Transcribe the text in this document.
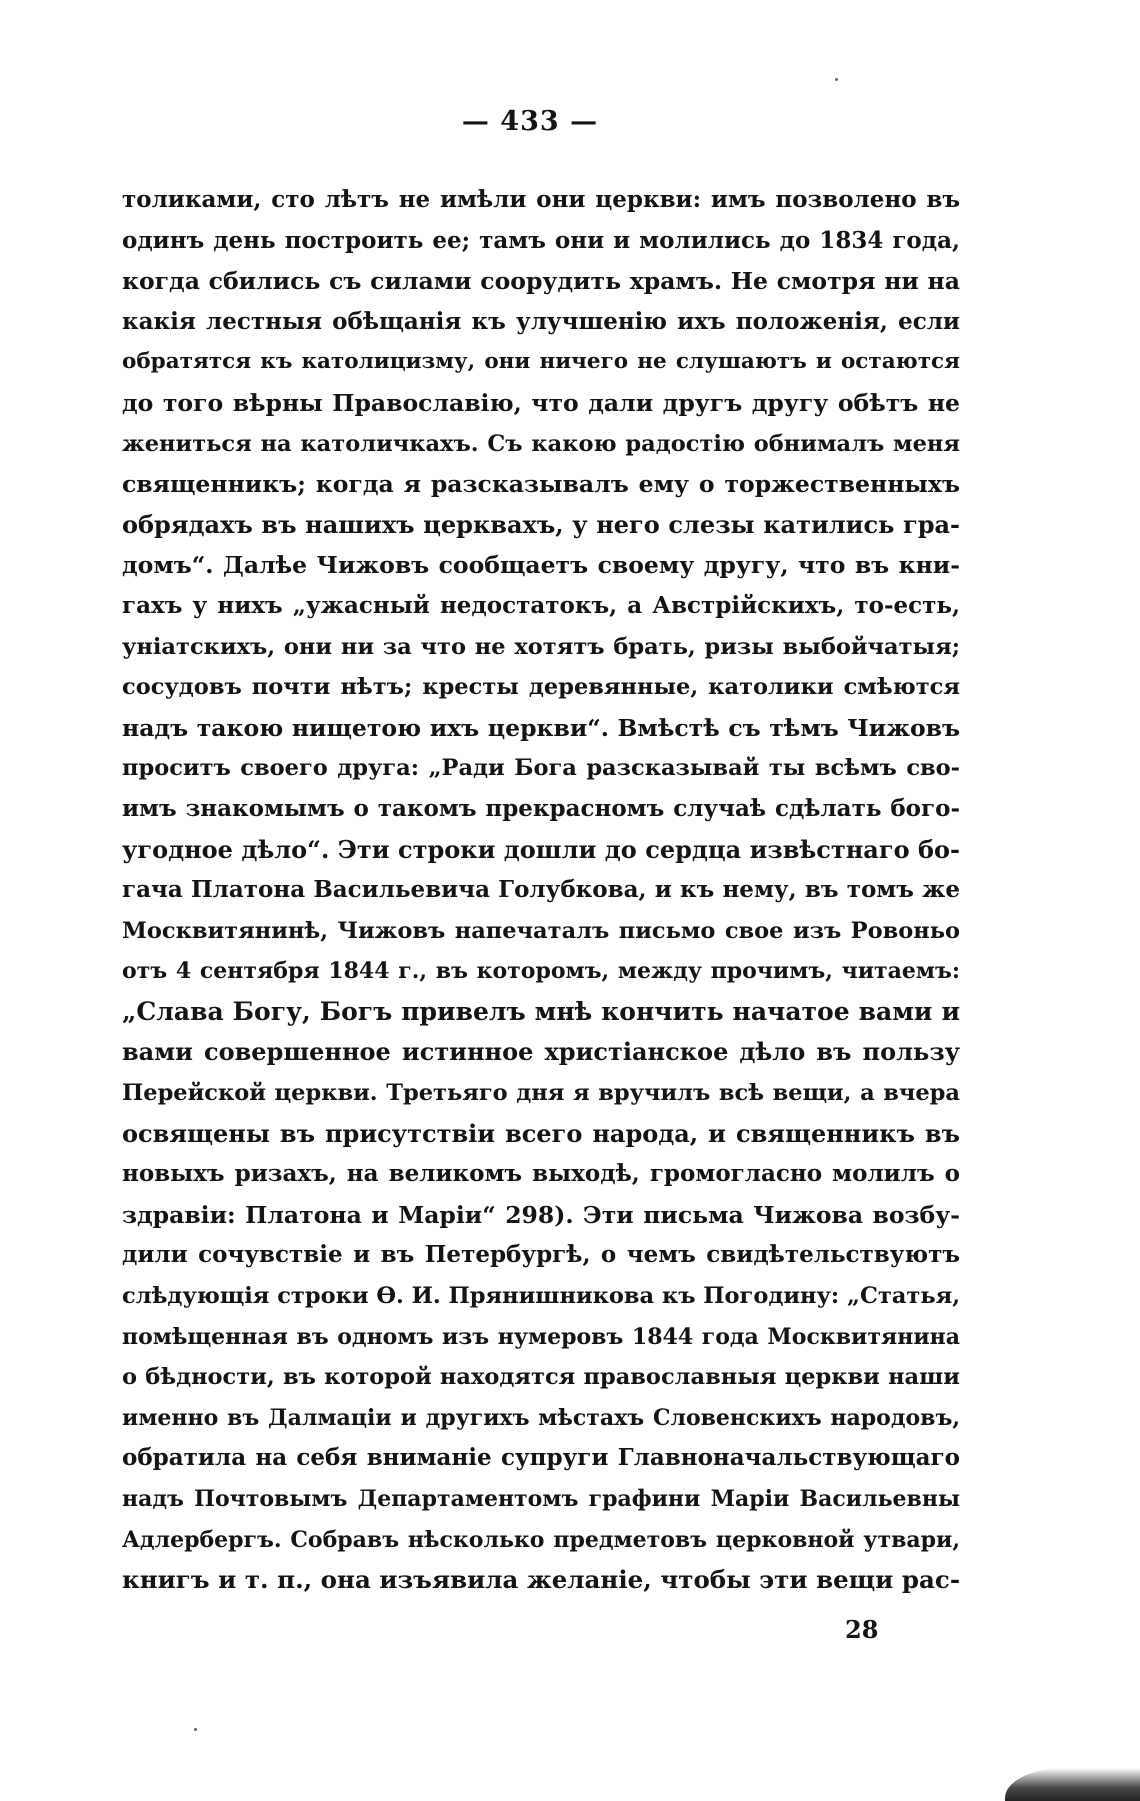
— 433 —
толиками, сто лѣтъ не имѣли они церкви: имъ позволено въ
одинъ день построить ее; тамъ они и молились до 1834 года,
когда сбились съ силами соорудить храмъ. Не смотря ни на
какія лестныя обѣщанія къ улучшенію ихъ положенія, если
обратятся къ католицизму, они ничего не слушаютъ и остаются
до того вѣрны Православію, что дали другъ другу обѣтъ не
жениться на католичкахъ. Съ какою радостію обнималъ меня
священникъ; когда я разсказывалъ ему о торжественныхъ
обрядахъ въ нашихъ церквахъ, у него слезы катились гра-
домъ“. Далѣе Чижовъ сообщаетъ своему другу, что въ кни-
гахъ у нихъ „ужасный недостатокъ, а Австрійскихъ, то-есть,
уніатскихъ, они ни за что не хотятъ брать, ризы выбойчатыя;
сосудовъ почти нѣтъ; кресты деревянные, католики смѣются
надъ такою нищетою ихъ церкви“. Вмѣстѣ съ тѣмъ Чижовъ
проситъ своего друга: „Ради Бога разсказывай ты всѣмъ сво-
имъ знакомымъ о такомъ прекрасномъ случаѣ сдѣлать бого-
угодное дѣло“. Эти строки дошли до сердца извѣстнаго бо-
гача Платона Васильевича Голубкова, и къ нему, въ томъ же
Москвитянинѣ, Чижовъ напечаталъ письмо свое изъ Ровоньо
отъ 4 сентября 1844 г., въ которомъ, между прочимъ, читаемъ:
„Слава Богу, Богъ привелъ мнѣ кончить начатое вами и
вами совершенное истинное христіанское дѣло въ пользу
Перейской церкви. Третьяго дня я вручилъ всѣ вещи, а вчера
освящены въ присутствіи всего народа, и священникъ въ
новыхъ ризахъ, на великомъ выходѣ, громогласно молилъ о
здравіи: Платона и Маріи“ 298). Эти письма Чижова возбу-
дили сочувствіе и въ Петербургѣ, о чемъ свидѣтельствуютъ
слѣдующія строки Ѳ. И. Прянишникова къ Погодину: „Статья,
помѣщенная въ одномъ изъ нумеровъ 1844 года Москвитянина
о бѣдности, въ которой находятся православныя церкви наши
именно въ Далмаціи и другихъ мѣстахъ Словенскихъ народовъ,
обратила на себя вниманіе супруги Главноначальствующаго
надъ Почтовымъ Департаментомъ графини Маріи Васильевны
Адлербергъ. Собравъ нѣсколько предметовъ церковной утвари,
книгъ и т. п., она изъявила желаніе, чтобы эти вещи рас-
28
